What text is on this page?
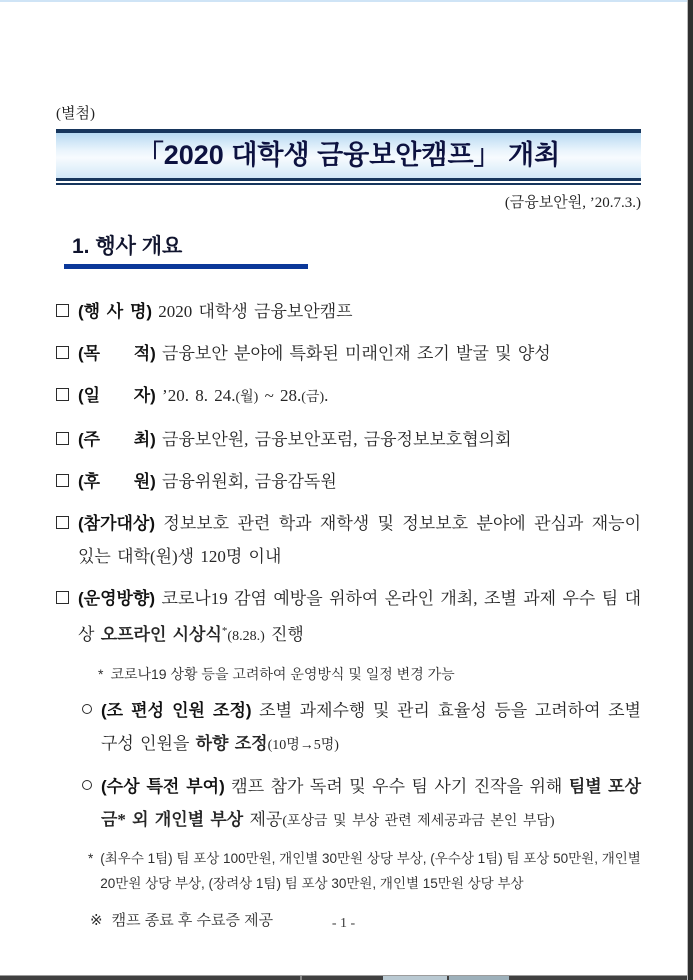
(별첨)
「2020 대학생 금융보안캠프」 개최
(금융보안원, ’20.7.3.)
1. 행사 개요
(행 사 명) 2020 대학생 금융보안캠프
(목     적) 금융보안 분야에 특화된 미래인재 조기 발굴 및 양성
(일     자) ’20. 8. 24.(월) ~ 28.(금).
(주     최) 금융보안원, 금융보안포럼, 금융정보보호협의회
(후     원) 금융위원회, 금융감독원
(참가대상) 정보보호 관련 학과 재학생 및 정보보호 분야에 관심과 재능이 있는 대학(원)생 120명 이내
(운영방향) 코로나19 감염 예방을 위하여 온라인 개최, 조별 과제 우수 팀 대상 오프라인 시상식*(8.28.) 진행
* 코로나19 상황 등을 고려하여 운영방식 및 일정 변경 가능
(조 편성 인원 조정) 조별 과제수행 및 관리 효율성 등을 고려하여 조별 구성 인원을 하향 조정(10명→5명)
(수상 특전 부여) 캠프 참가 독려 및 우수 팀 사기 진작을 위해 팀별 포상금* 외 개인별 부상 제공(포상금 및 부상 관련 제세공과금 본인 부담)
* (최우수 1팀) 팀 포상 100만원, 개인별 30만원 상당 부상, (우수상 1팀) 팀 포상 50만원, 개인별 20만원 상당 부상, (장려상 1팀) 팀 포상 30만원, 개인별 15만원 상당 부상
※ 캠프 종료 후 수료증 제공	- 1 -
